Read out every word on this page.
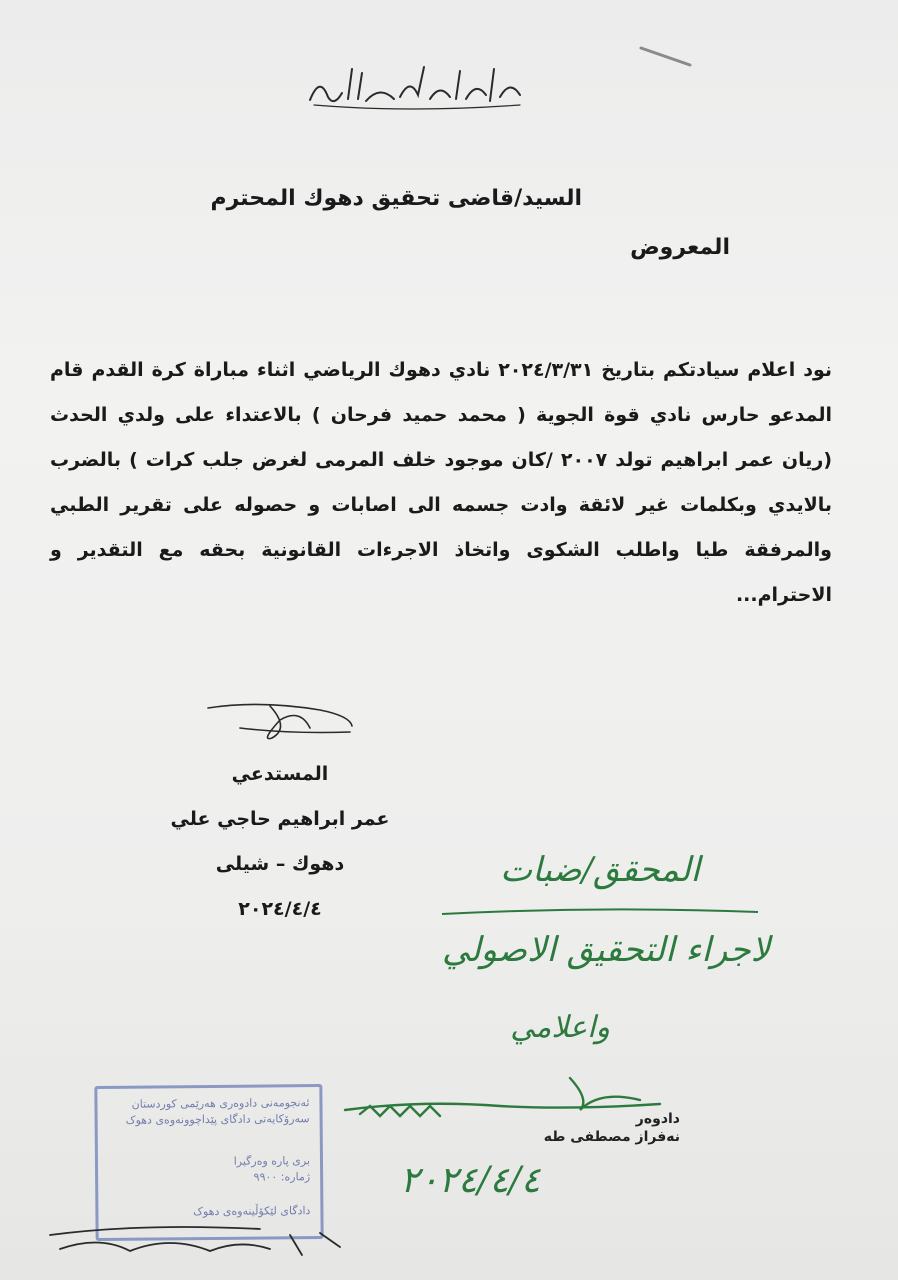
السيد/قاضى تحقيق دهوك المحترم
المعروض

نود اعلام سيادتكم بتاريخ ٢٠٢٤/٣/٣١ نادي دهوك الرياضي اثناء مباراة كرة القدم قام المدعو حارس نادي قوة الجوية ( محمد حميد فرحان ) بالاعتداء على ولدي الحدث (ريان عمر ابراهيم تولد ٢٠٠٧ /كان موجود خلف المرمى لغرض جلب كرات ) بالضرب بالايدي وبكلمات غير لائقة وادت جسمه الى اصابات و حصوله على تقرير الطبي والمرفقة طيا واطلب الشكوى واتخاذ الاجرءات القانونية بحقه مع التقدير و الاحترام...

المستدعي
عمر ابراهيم حاجي علي
دهوك – شيلى
٢٠٢٤/٤/٤
المحقق/ضبات
لاجراء التحقيق الاصولي
واعلامي
ئەنجومەنی دادوەری هەرێمی کوردستان
سەرۆکایەتی دادگای پێداچوونەوەی دهوک
بری پارە وەرگیرا
ژمارە: ٩٩٠٠
دادگای لێکۆڵینەوەی دهوک
دادوەر
نەفراز مصطفى طه
٢٠٢٤/٤/٤
